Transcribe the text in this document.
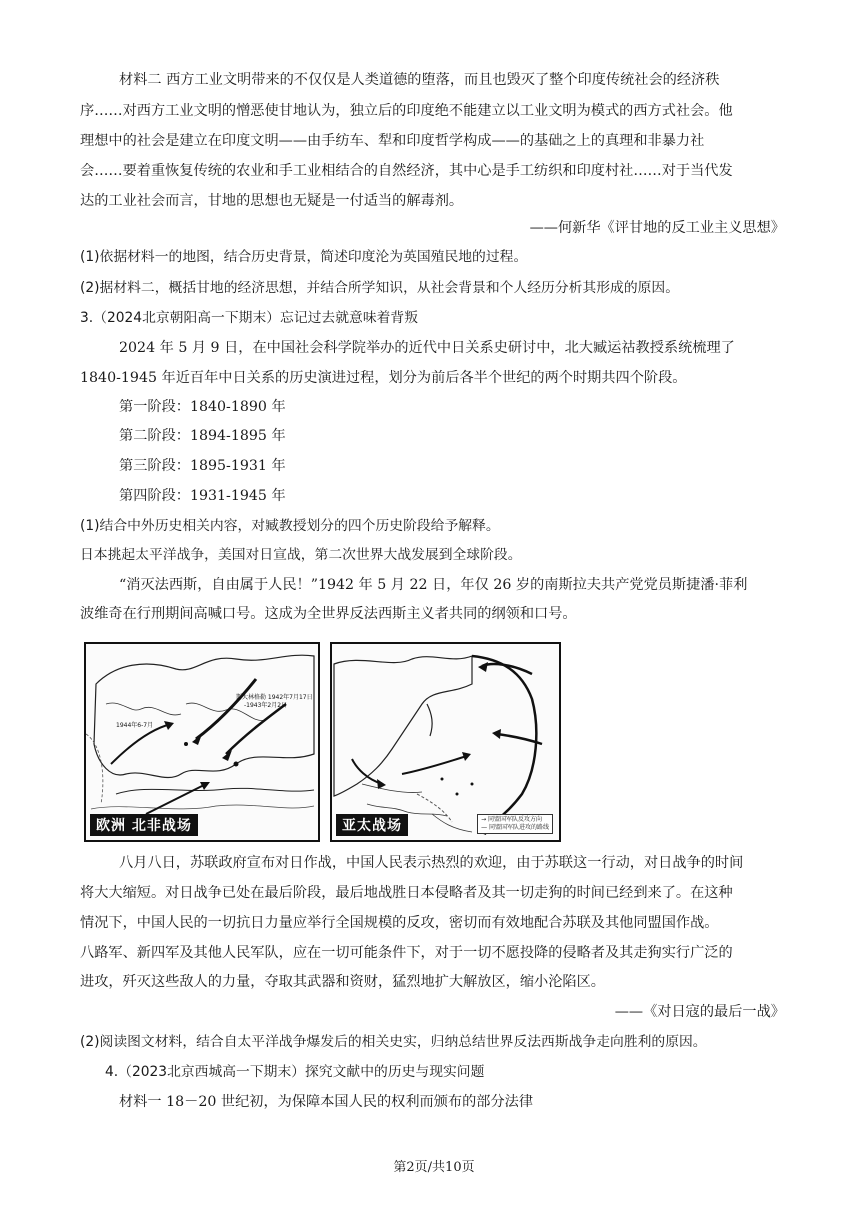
材料二 西方工业文明带来的不仅仅是人类道德的堕落，而且也毁灭了整个印度传统社会的经济秩
序……对西方工业文明的憎恶使甘地认为，独立后的印度绝不能建立以工业文明为模式的西方式社会。他
理想中的社会是建立在印度文明——由手纺车、犁和印度哲学构成——的基础之上的真理和非暴力社
会……要着重恢复传统的农业和手工业相结合的自然经济，其中心是手工纺织和印度村社……对于当代发
达的工业社会而言，甘地的思想也无疑是一付适当的解毒剂。
——何新华《评甘地的反工业主义思想》
(1)依据材料一的地图，结合历史背景，简述印度沦为英国殖民地的过程。
(2)据材料二，概括甘地的经济思想，并结合所学知识，从社会背景和个人经历分析其形成的原因。
3.（2024北京朝阳高一下期末）忘记过去就意味着背叛
2024 年 5 月 9 日，在中国社会科学院举办的近代中日关系史研讨中，北大臧运祜教授系统梳理了
1840-1945 年近百年中日关系的历史演进过程，划分为前后各半个世纪的两个时期共四个阶段。
第一阶段：1840-1890 年
第二阶段：1894-1895 年
第三阶段：1895-1931 年
第四阶段：1931-1945 年
(1)结合中外历史相关内容，对臧教授划分的四个历史阶段给予解释。
日本挑起太平洋战争，美国对日宣战，第二次世界大战发展到全球阶段。
“消灭法西斯，自由属于人民！”1942 年 5 月 22 日，年仅 26 岁的南斯拉夫共产党党员斯捷潘·菲利
波维奇在行刑期间高喊口号。这成为全世界反法西斯主义者共同的纲领和口号。
1944年6-7月
斯大林格勒 1942年7月17日
-1943年2月2日
欧洲 北非战场	→ 同盟国军队反攻方向
— 同盟国军队进攻的路线
亚太战场
八月八日，苏联政府宣布对日作战，中国人民表示热烈的欢迎，由于苏联这一行动，对日战争的时间
将大大缩短。对日战争已处在最后阶段，最后地战胜日本侵略者及其一切走狗的时间已经到来了。在这种
情况下，中国人民的一切抗日力量应举行全国规模的反攻，密切而有效地配合苏联及其他同盟国作战。
八路军、新四军及其他人民军队，应在一切可能条件下，对于一切不愿投降的侵略者及其走狗实行广泛的
进攻，歼灭这些敌人的力量，夺取其武器和资财，猛烈地扩大解放区，缩小沦陷区。
——《对日寇的最后一战》
(2)阅读图文材料，结合自太平洋战争爆发后的相关史实，归纳总结世界反法西斯战争走向胜利的原因。
4.（2023北京西城高一下期末）探究文献中的历史与现实问题
材料一 18－20 世纪初，为保障本国人民的权利而颁布的部分法律
第2页/共10页
